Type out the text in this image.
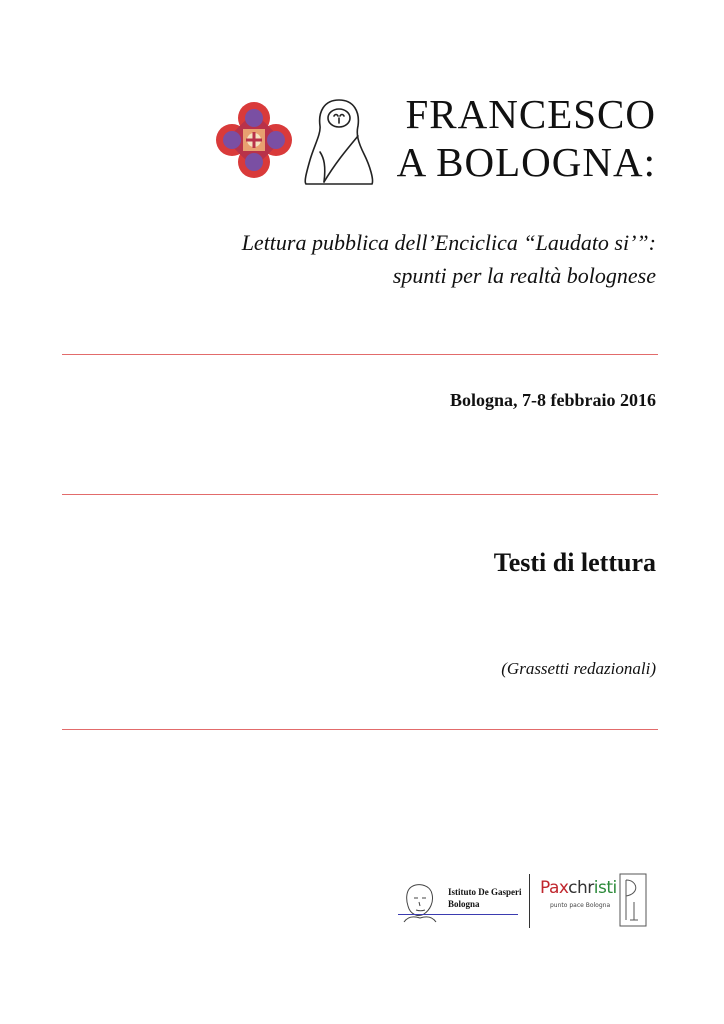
FRANCESCO
A BOLOGNA:
Lettura pubblica dell’Enciclica “Laudato si’”:
spunti per la realtà bolognese
Bologna, 7-8 febbraio 2016
Testi di lettura
(Grassetti redazionali)
Istituto De Gasperi
Bologna
Paxchristi
punto pace Bologna
